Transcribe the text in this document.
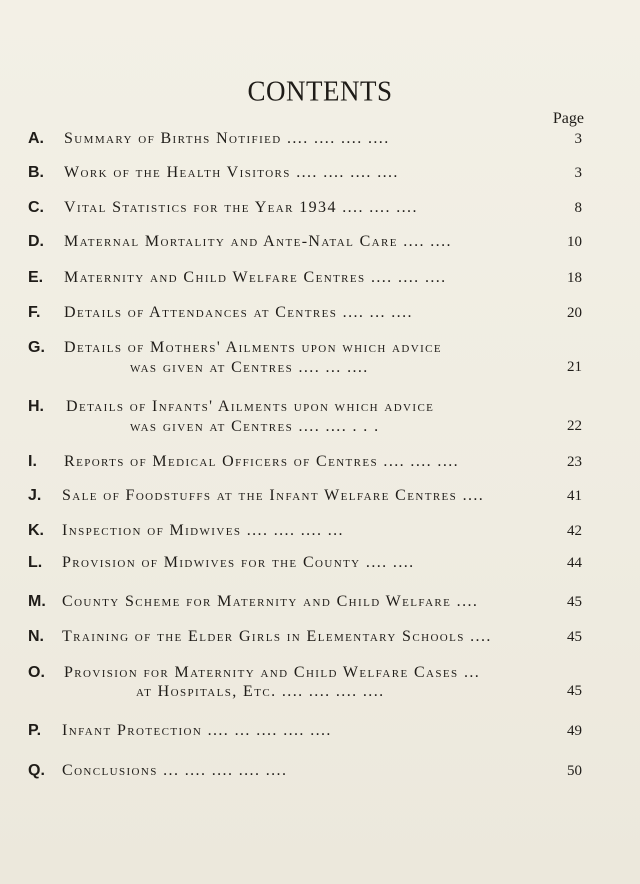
CONTENTS
Page
A.	Summary of Births Notified .... .... .... ....	3
B.	Work of the Health Visitors .... .... .... ....	3
C.	Vital Statistics for the Year 1934 .... .... ....	8
D.	Maternal Mortality and Ante-Natal Care .... ....	10
E.	Maternity and Child Welfare Centres .... .... ....	18
F.	Details of Attendances at Centres .... ... ....	20
G.	Details of Mothers' Ailments upon which advice
was given at Centres .... ... ....	21
H.	Details of Infants' Ailments upon which advice
was given at Centres .... .... . . .	22
I.	Reports of Medical Officers of Centres .... .... ....	23
J.	Sale of Foodstuffs at the Infant Welfare Centres ....	41
K.	Inspection of Midwives .... .... .... ...	42
L.	Provision of Midwives for the County .... ....	44
M.	County Scheme for Maternity and Child Welfare ....	45
N.	Training of the Elder Girls in Elementary Schools ....	45
O.	Provision for Maternity and Child Welfare Cases ...
at Hospitals, Etc. .... .... .... ....	45
P.	Infant Protection .... ... .... .... ....	49
Q.	Conclusions ... .... .... .... ....	50
